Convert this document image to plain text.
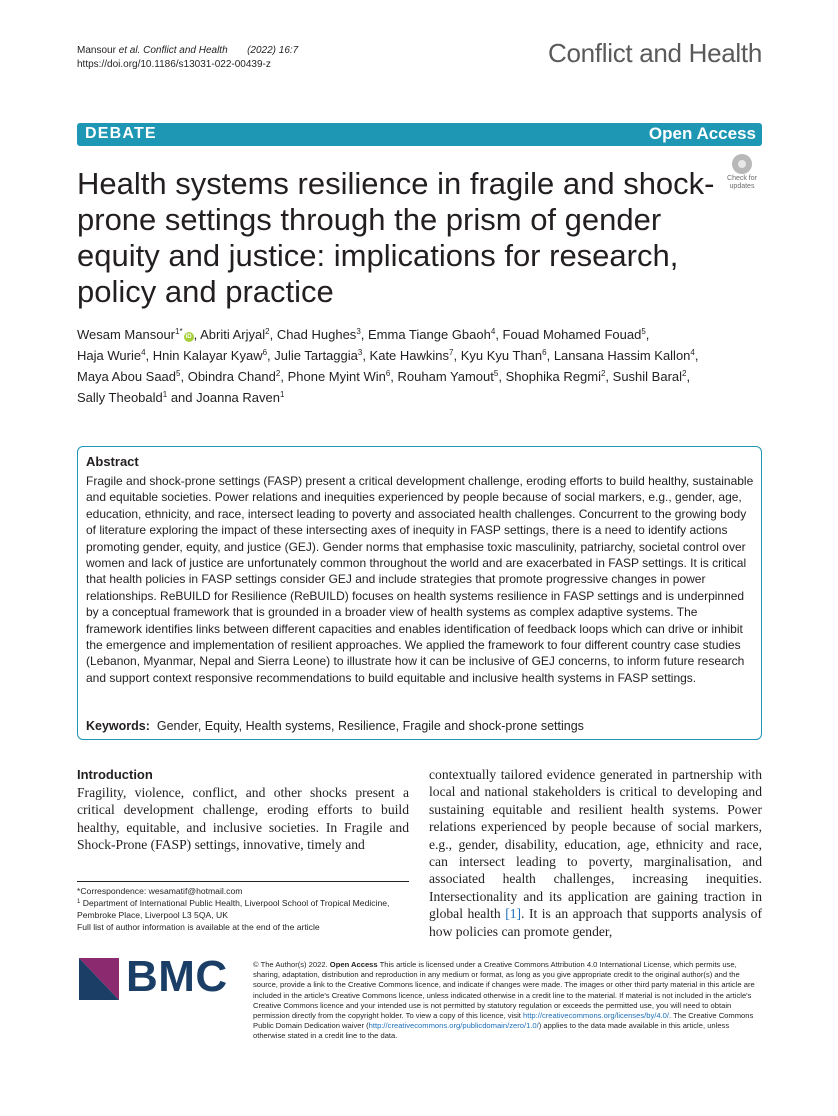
Mansour et al. Conflict and Health (2022) 16:7
https://doi.org/10.1186/s13031-022-00439-z	Conflict and Health
DEBATE	Open Access
Health systems resilience in fragile and shock-prone settings through the prism of gender equity and justice: implications for research, policy and practice
Check for
updates
Wesam Mansour$^{1*}$iD , Abriti Arjyal$^2$, Chad Hughes$^3$, Emma Tiange Gbaoh$^4$, Fouad Mohamed Fouad$^5$,
Haja Wurie$^4$, Hnin Kalayar Kyaw$^6$, Julie Tartaggia$^3$, Kate Hawkins$^7$, Kyu Kyu Than$^6$, Lansana Hassim Kallon$^4$,
Maya Abou Saad$^5$, Obindra Chand$^2$, Phone Myint Win$^6$, Rouham Yamout$^5$, Shophika Regmi$^2$, Sushil Baral$^2$,
Sally Theobald$^1$ and Joanna Raven$^1$
Abstract
Fragile and shock-prone settings (FASP) present a critical development challenge, eroding efforts to build healthy, sustainable and equitable societies. Power relations and inequities experienced by people because of social markers, e.g., gender, age, education, ethnicity, and race, intersect leading to poverty and associated health challenges. Concurrent to the growing body of literature exploring the impact of these intersecting axes of inequity in FASP settings, there is a need to identify actions promoting gender, equity, and justice (GEJ). Gender norms that emphasise toxic masculinity, patriarchy, societal control over women and lack of justice are unfortunately common throughout the world and are exacerbated in FASP settings. It is critical that health policies in FASP settings consider GEJ and include strategies that promote progressive changes in power relationships. ReBUILD for Resilience (ReBUILD) focuses on health systems resilience in FASP settings and is underpinned by a conceptual framework that is grounded in a broader view of health systems as complex adaptive systems. The framework identifies links between different capacities and enables identification of feedback loops which can drive or inhibit the emergence and implementation of resilient approaches. We applied the framework to four different country case studies (Lebanon, Myanmar, Nepal and Sierra Leone) to illustrate how it can be inclusive of GEJ concerns, to inform future research and support context responsive recommendations to build equitable and inclusive health systems in FASP settings.
Keywords: Gender, Equity, Health systems, Resilience, Fragile and shock-prone settings
Introduction
Fragility, violence, conflict, and other shocks present a critical development challenge, eroding efforts to build healthy, equitable, and inclusive societies. In Fragile and Shock-Prone (FASP) settings, innovative, timely and
contextually tailored evidence generated in partnership with local and national stakeholders is critical to developing and sustaining equitable and resilient health systems. Power relations experienced by people because of social markers, e.g., gender, disability, education, age, ethnicity and race, can intersect leading to poverty, marginalisation, and associated health challenges, increasing inequities. Intersectionality and its application are gaining traction in global health [1]. It is an approach that supports analysis of how policies can promote gender,
*Correspondence: wesamatif@hotmail.com
$^1$ Department of International Public Health, Liverpool School of Tropical Medicine, Pembroke Place, Liverpool L3 5QA, UK
Full list of author information is available at the end of the article
BMC	© The Author(s) 2022. Open Access This article is licensed under a Creative Commons Attribution 4.0 International License, which permits use, sharing, adaptation, distribution and reproduction in any medium or format, as long as you give appropriate credit to the original author(s) and the source, provide a link to the Creative Commons licence, and indicate if changes were made. The images or other third party material in this article are included in the article's Creative Commons licence, unless indicated otherwise in a credit line to the material. If material is not included in the article's Creative Commons licence and your intended use is not permitted by statutory regulation or exceeds the permitted use, you will need to obtain permission directly from the copyright holder. To view a copy of this licence, visit http://creativecommons.org/licenses/by/4.0/. The Creative Commons Public Domain Dedication waiver (http://creativecommons.org/publicdomain/zero/1.0/) applies to the data made available in this article, unless otherwise stated in a credit line to the data.
